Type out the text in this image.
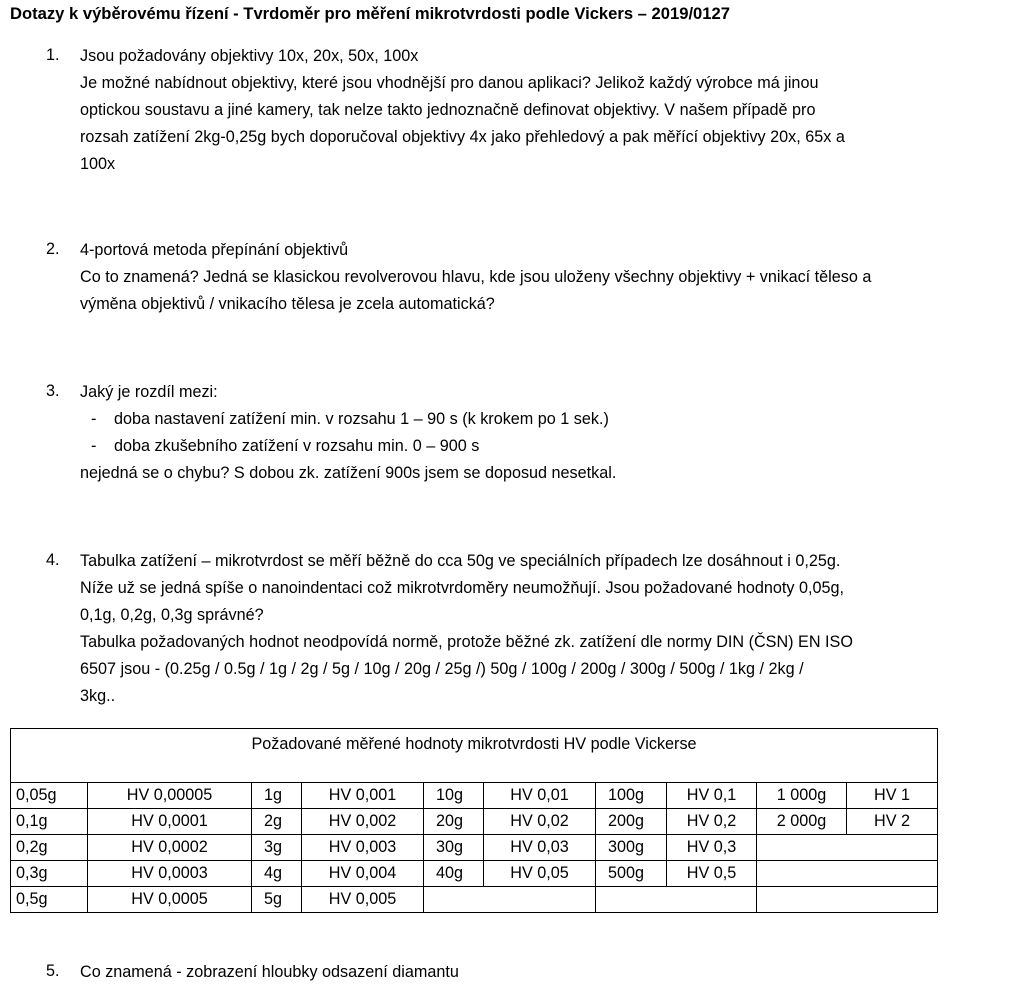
Dotazy k výběrovému řízení - Tvrdoměr pro měření mikrotvrdosti podle Vickers – 2019/0127
1. Jsou požadovány objektivy 10x, 20x, 50x, 100x
Je možné nabídnout objektivy, které jsou vhodnější pro danou aplikaci? Jelikož každý výrobce má jinou
optickou soustavu a jiné kamery, tak nelze takto jednoznačně definovat objektivy. V našem případě pro
rozsah zatížení 2kg-0,25g bych doporučoval objektivy 4x jako přehledový a pak měřící objektivy 20x, 65x a
100x
2. 4-portová metoda přepínání objektivů
Co to znamená? Jedná se klasickou revolverovou hlavu, kde jsou uloženy všechny objektivy + vnikací těleso a
výměna objektivů / vnikacího tělesa je zcela automatická?
3. Jaký je rozdíl mezi:
- doba nastavení zatížení min. v rozsahu 1 – 90 s (k krokem po 1 sek.)
- doba zkušebního zatížení v rozsahu min. 0 – 900 s
nejedná se o chybu? S dobou zk. zatížení 900s jsem se doposud nesetkal.
4. Tabulka zatížení – mikrotvrdost se měří běžně do cca 50g ve speciálních případech lze dosáhnout i 0,25g.
Níže už se jedná spíše o nanoindentaci což mikrotvrdoměry neumožňují. Jsou požadované hodnoty 0,05g,
0,1g, 0,2g, 0,3g správné?
Tabulka požadovaných hodnot neodpovídá normě, protože běžné zk. zatížení dle normy DIN (ČSN) EN ISO
6507 jsou - (0.25g / 0.5g / 1g / 2g / 5g / 10g / 20g / 25g /) 50g / 100g / 200g / 300g / 500g / 1kg / 2kg /
3kg..
Požadované měřené hodnoty mikrotvrdosti HV podle Vickerse									
0,05g	HV 0,00005	1g	HV 0,001	10g	HV 0,01	100g	HV 0,1	1 000g	HV 1
0,1g	HV 0,0001	2g	HV 0,002	20g	HV 0,02	200g	HV 0,2	2 000g	HV 2
0,2g	HV 0,0002	3g	HV 0,003	30g	HV 0,03	300g	HV 0,3		
0,3g	HV 0,0003	4g	HV 0,004	40g	HV 0,05	500g	HV 0,5		
0,5g	HV 0,0005	5g	HV 0,005						
5. Co znamená - zobrazení hloubky odsazení diamantu
